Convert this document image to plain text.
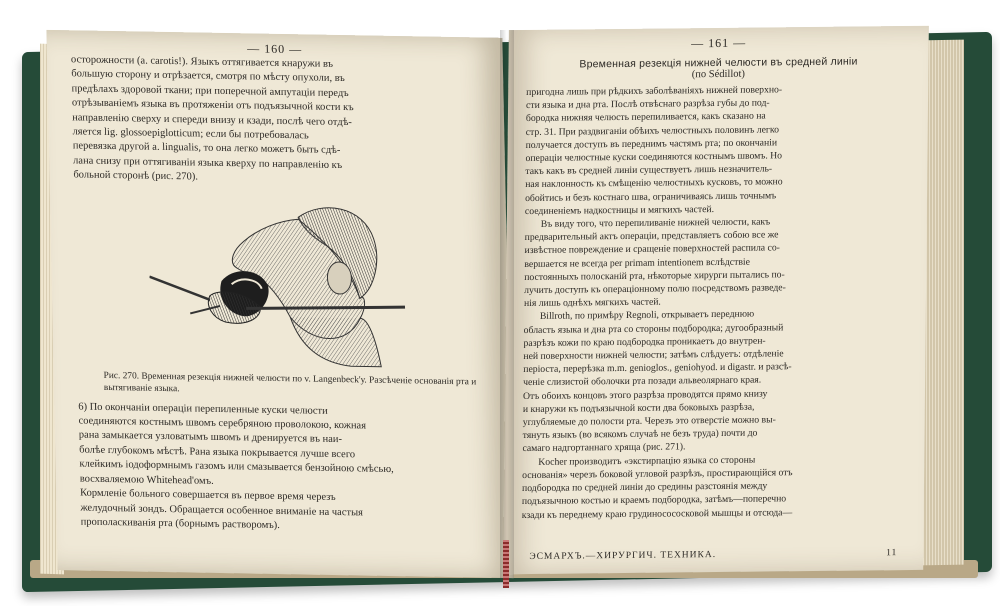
— 160 —

осторожности (a. carotis!). Языкъ оттягивается кнаружи въ

большую сторону и отрѣзается, смотря по мѣсту опухоли, въ

предѣлахъ здоровой ткани; при поперечной ампутаціи передъ

отрѣзываніемъ языка въ протяженіи отъ подъязычной кости къ

направленію сверху и спереди внизу и кзади, послѣ чего отдѣ-

ляется lig. glossoepiglotticum; если бы потребовалась

перевязка другой a. lingualis, то она легко можетъ быть сдѣ-

лана снизу при оттягиваніи языка кверху по направленію къ

больной сторонѣ (рис. 270).

Рис. 270. Временная резекція нижней челюсти по v. Langenbeck'у. Разсѣченіе основанія рта и вытягиваніе языка.

6) По окончаніи операціи перепиленные куски челюсти

соединяются костнымъ швомъ серебряною проволокою, кожная

рана замыкается узловатымъ швомъ и дренируется въ наи-

болѣе глубокомъ мѣстѣ. Рана языка покрывается лучше всего

клейкимъ іодоформнымъ газомъ или смазывается бензойною смѣсью,

восхваляемою Whitehead'омъ.

Кормленіе больного совершается въ первое время черезъ

желудочный зондъ. Обращается особенное вниманіе на частыя

прополаскиванія рта (борнымъ растворомъ).

— 161 —
Временная резекція нижней челюсти въ средней линіи
(по Sédillot)

пригодна лишь при рѣдкихъ заболѣваніяхъ нижней поверхно-

сти языка и дна рта. Послѣ отвѣснаго разрѣза губы до под-

бородка нижняя челюсть перепиливается, какъ сказано на

стр. 31. При раздвиганіи обѣихъ челюстныхъ половинъ легко

получается доступъ въ переднимъ частямъ рта; по окончаніи

операціи челюстные куски соединяются костнымъ швомъ. Но

такъ какъ въ средней линіи существуетъ лишь незначитель-

ная наклонность къ смѣщенію челюстныхъ кусковъ, то можно

обойтись и безъ костнаго шва, ограничиваясь лишь точнымъ

соединеніемъ надкостницы и мягкихъ частей.

Въ виду того, что перепиливаніе нижней челюсти, какъ

предварительный актъ операціи, представляетъ собою все же

извѣстное повреждение и сращеніе поверхностей распила со-

вершается не всегда per primam intentionem вслѣдствіе

постоянныхъ полосканій рта, нѣкоторые хирурги пытались по-

лучить доступъ къ операціонному полю посредствомъ разведе-

нія лишь однѣхъ мягкихъ частей.

Billroth, по примѣру Regnoli, открываетъ переднюю

область языка и дна рта со стороны подбородка; дугообразный

разрѣзъ кожи по краю подбородка проникаетъ до внутрен-

ней поверхности нижней челюсти; затѣмъ слѣдуетъ: отдѣленіе

періоста, перерѣзка m.m. genioglos., geniohyod. и digastr. и разсѣ-

ченіе слизистой оболочки рта позади альвеолярнаго края.

Отъ обоихъ концовъ этого разрѣза проводятся прямо книзу

и кнаружи къ подъязычной кости два боковыхъ разрѣза,

углубляемые до полости рта. Черезъ это отверстіе можно вы-

тянуть языкъ (во всякомъ случаѣ не безъ труда) почти до

самаго надгортаннаго хряща (рис. 271).

Kocher производитъ «экстирпацію языка со стороны

основанія» черезъ боковой угловой разрѣзъ, простирающійся отъ

подбородка по средней линіи до средины разстоянія между

подъязычною костью и краемъ подбородка, затѣмъ—поперечно

кзади къ переднему краю грудиносососковой мышцы и отсюда—

ЭСМАРХЪ.—ХИРУРГИЧ. ТЕХНИКА.	11
